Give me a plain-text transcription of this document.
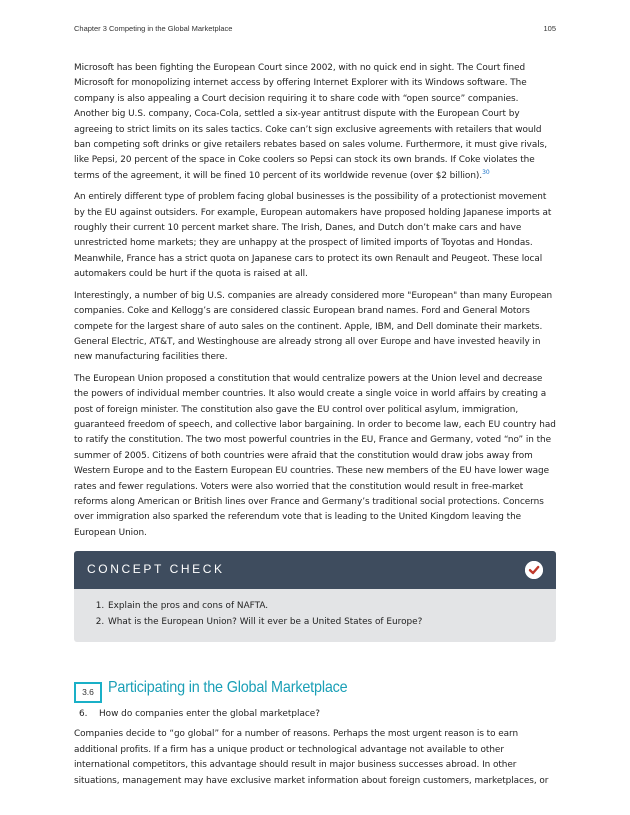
Chapter 3 Competing in the Global Marketplace	105

Microsoft has been fighting the European Court since 2002, with no quick end in sight. The Court fined Microsoft for monopolizing internet access by offering Internet Explorer with its Windows software. The company is also appealing a Court decision requiring it to share code with “open source” companies. Another big U.S. company, Coca-Cola, settled a six-year antitrust dispute with the European Court by agreeing to strict limits on its sales tactics. Coke can’t sign exclusive agreements with retailers that would ban competing soft drinks or give retailers rebates based on sales volume. Furthermore, it must give rivals, like Pepsi, 20 percent of the space in Coke coolers so Pepsi can stock its own brands. If Coke violates the terms of the agreement, it will be fined 10 percent of its worldwide revenue (over $2 billion).$^{30}$

An entirely different type of problem facing global businesses is the possibility of a protectionist movement by the EU against outsiders. For example, European automakers have proposed holding Japanese imports at roughly their current 10 percent market share. The Irish, Danes, and Dutch don’t make cars and have unrestricted home markets; they are unhappy at the prospect of limited imports of Toyotas and Hondas. Meanwhile, France has a strict quota on Japanese cars to protect its own Renault and Peugeot. These local automakers could be hurt if the quota is raised at all.

Interestingly, a number of big U.S. companies are already considered more "European" than many European companies. Coke and Kellogg’s are considered classic European brand names. Ford and General Motors compete for the largest share of auto sales on the continent. Apple, IBM, and Dell dominate their markets. General Electric, AT&T, and Westinghouse are already strong all over Europe and have invested heavily in new manufacturing facilities there.

The European Union proposed a constitution that would centralize powers at the Union level and decrease the powers of individual member countries. It also would create a single voice in world affairs by creating a post of foreign minister. The constitution also gave the EU control over political asylum, immigration, guaranteed freedom of speech, and collective labor bargaining. In order to become law, each EU country had to ratify the constitution. The two most powerful countries in the EU, France and Germany, voted “no” in the summer of 2005. Citizens of both countries were afraid that the constitution would draw jobs away from Western Europe and to the Eastern European EU countries. These new members of the EU have lower wage rates and fewer regulations. Voters were also worried that the constitution would result in free-market reforms along American or British lines over France and Germany’s traditional social protections. Concerns over immigration also sparked the referendum vote that is leading to the United Kingdom leaving the European Union.

CONCEPT CHECK
1. Explain the pros and cons of NAFTA.
2. What is the European Union? Will it ever be a United States of Europe?
3.6 Participating in the Global Marketplace

6. How do companies enter the global marketplace?

Companies decide to “go global” for a number of reasons. Perhaps the most urgent reason is to earn additional profits. If a firm has a unique product or technological advantage not available to other international competitors, this advantage should result in major business successes abroad. In other situations, management may have exclusive market information about foreign customers, marketplaces, or
